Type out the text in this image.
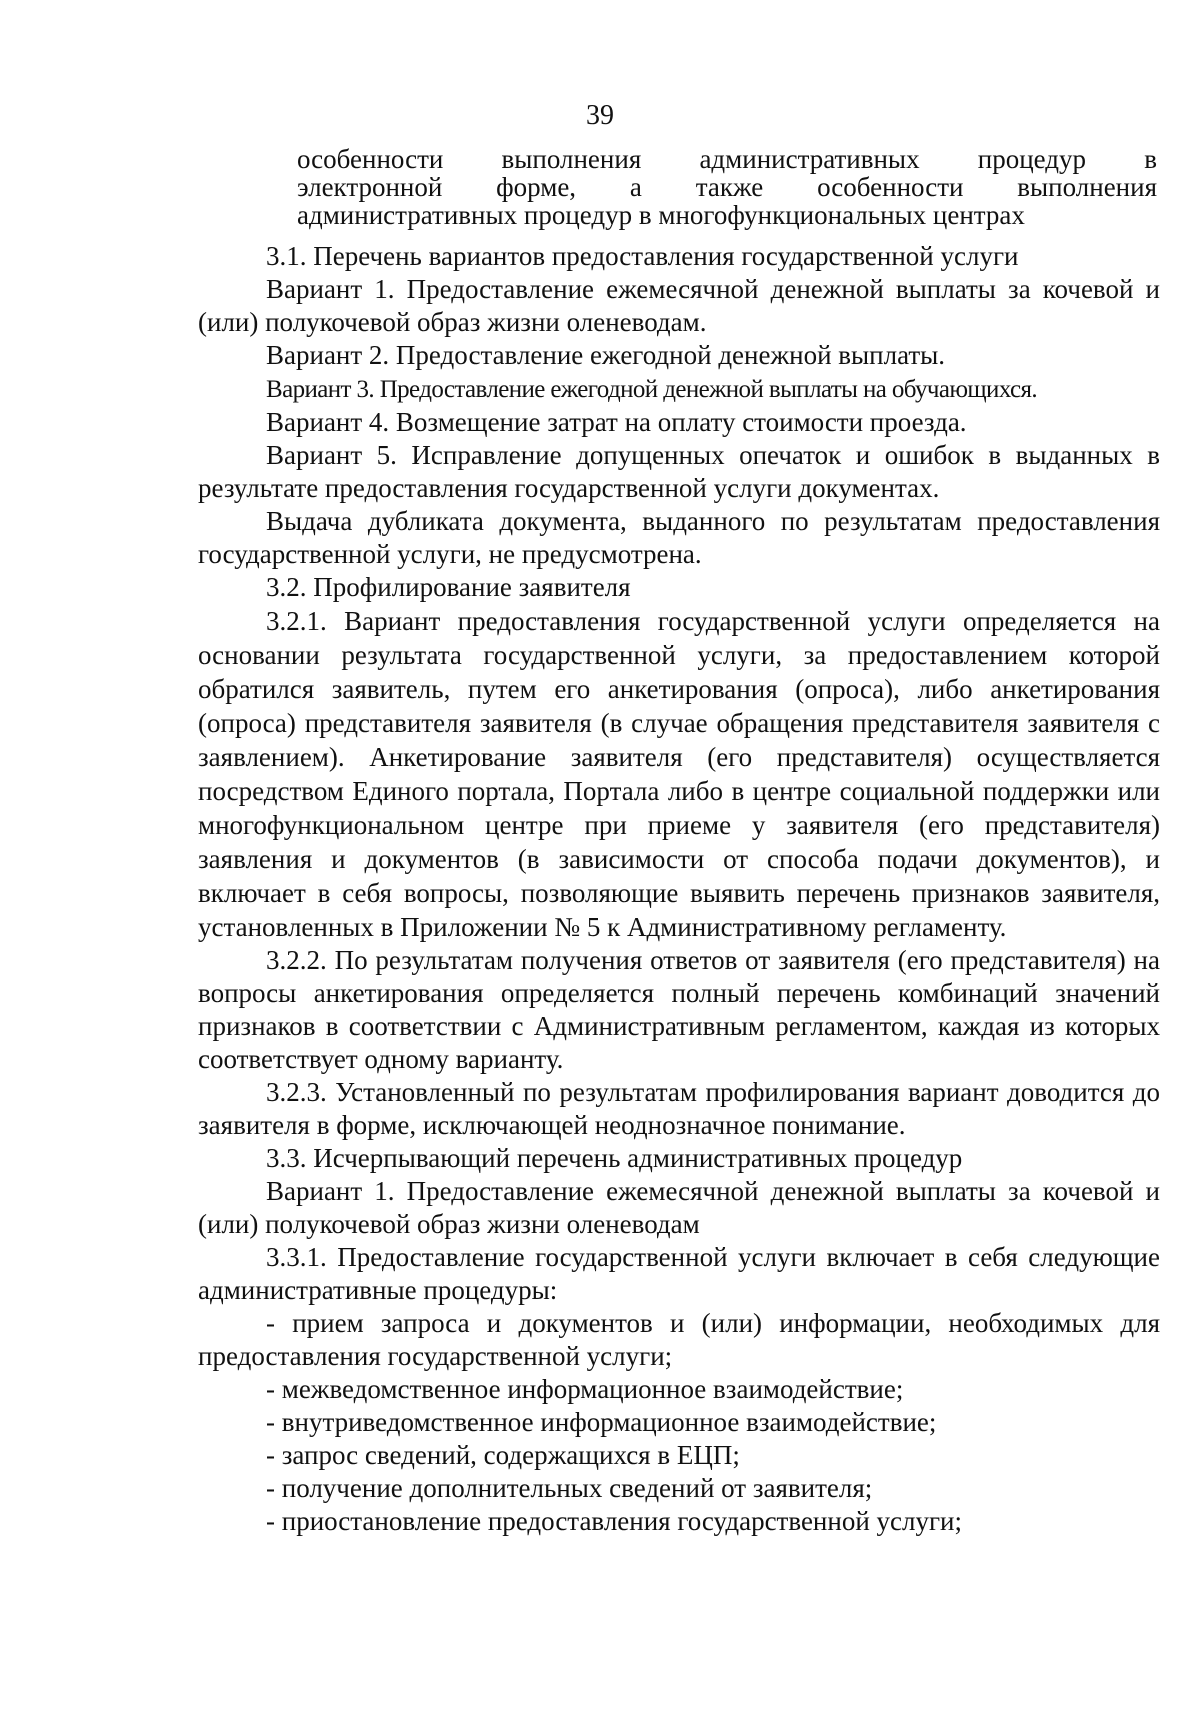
39
особенности выполнения административных процедур в
электронной форме, а также особенности выполнения
административных процедур в многофункциональных центрах

3.1. Перечень вариантов предоставления государственной услуги

Вариант 1. Предоставление ежемесячной денежной выплаты за кочевой и (или) полукочевой образ жизни оленеводам.

Вариант 2. Предоставление ежегодной денежной выплаты.

Вариант 3. Предоставление ежегодной денежной выплаты на обучающихся.

Вариант 4. Возмещение затрат на оплату стоимости проезда.

Вариант 5. Исправление допущенных опечаток и ошибок в выданных в результате предоставления государственной услуги документах.

Выдача дубликата документа, выданного по результатам предоставления государственной услуги, не предусмотрена.

3.2. Профилирование заявителя

3.2.1. Вариант предоставления государственной услуги определяется на основании результата государственной услуги, за предоставлением которой обратился заявитель, путем его анкетирования (опроса), либо анкетирования (опроса) представителя заявителя (в случае обращения представителя заявителя с заявлением). Анкетирование заявителя (его представителя) осуществляется посредством Единого портала, Портала либо в центре социальной поддержки или многофункциональном центре при приеме у заявителя (его представителя) заявления и документов (в зависимости от способа подачи документов), и включает в себя вопросы, позволяющие выявить перечень признаков заявителя, установленных в Приложении № 5 к Административному регламенту.

3.2.2. По результатам получения ответов от заявителя (его представителя) на вопросы анкетирования определяется полный перечень комбинаций значений признаков в соответствии с Административным регламентом, каждая из которых соответствует одному варианту.

3.2.3. Установленный по результатам профилирования вариант доводится до заявителя в форме, исключающей неоднозначное понимание.

3.3. Исчерпывающий перечень административных процедур

Вариант 1. Предоставление ежемесячной денежной выплаты за кочевой и (или) полукочевой образ жизни оленеводам

3.3.1. Предоставление государственной услуги включает в себя следующие административные процедуры:

- прием запроса и документов и (или) информации, необходимых для предоставления государственной услуги;

- межведомственное информационное взаимодействие;

- внутриведомственное информационное взаимодействие;

- запрос сведений, содержащихся в ЕЦП;

- получение дополнительных сведений от заявителя;

- приостановление предоставления государственной услуги;
